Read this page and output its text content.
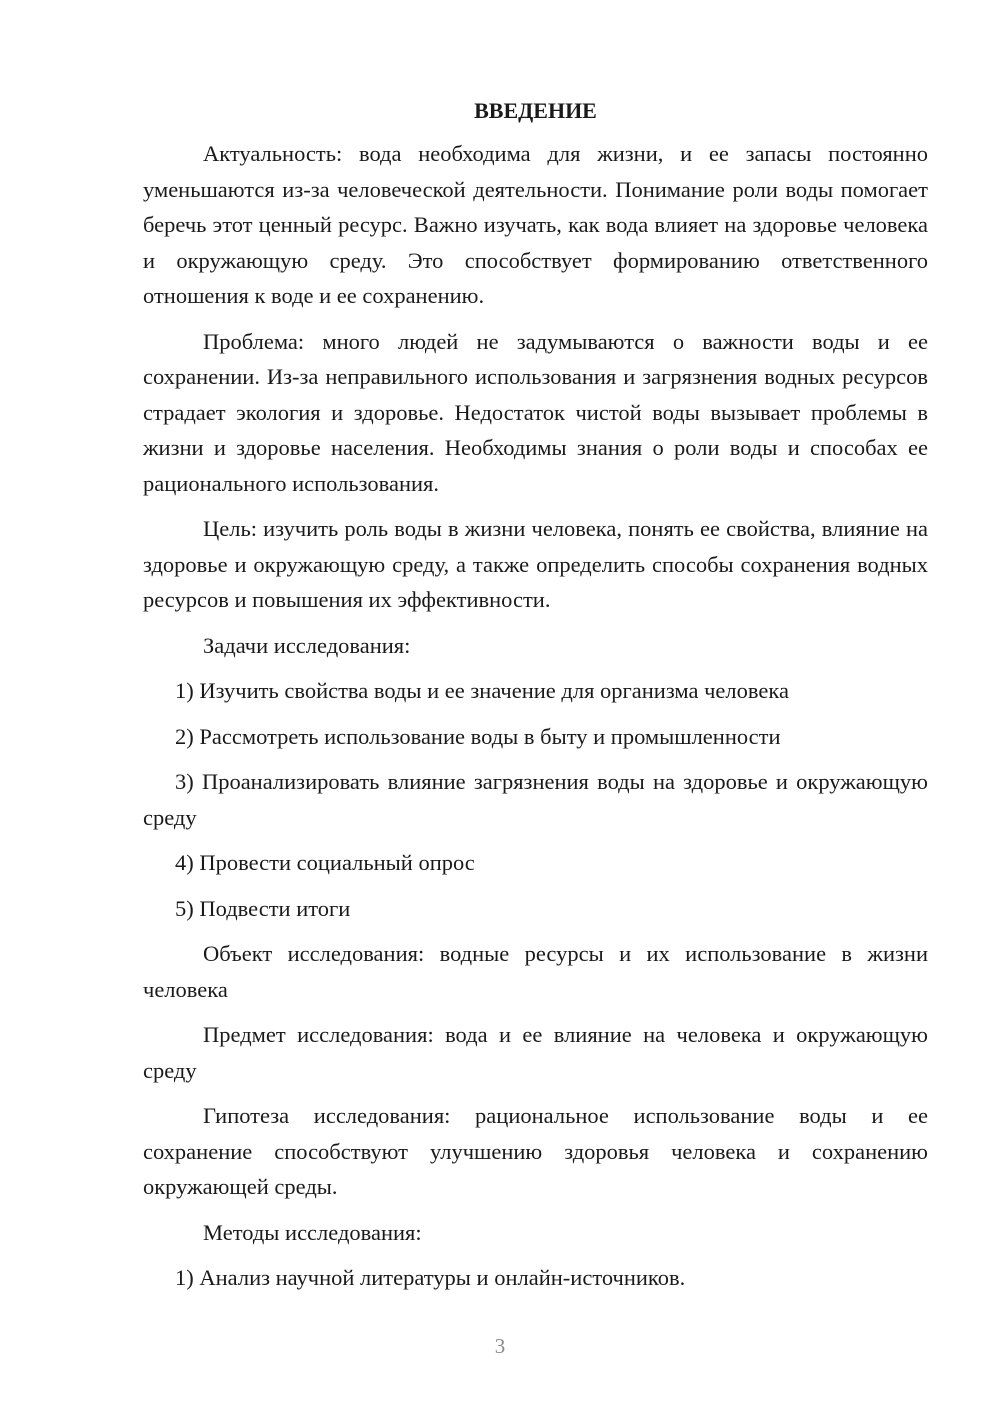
ВВЕДЕНИЕ

Актуальность: вода необходима для жизни, и ее запасы постоянно уменьшаются из-за человеческой деятельности. Понимание роли воды помогает беречь этот ценный ресурс. Важно изучать, как вода влияет на здоровье человека и окружающую среду. Это способствует формированию ответственного отношения к воде и ее сохранению.

Проблема: много людей не задумываются о важности воды и ее сохранении. Из-за неправильного использования и загрязнения водных ресурсов страдает экология и здоровье. Недостаток чистой воды вызывает проблемы в жизни и здоровье населения. Необходимы знания о роли воды и способах ее рационального использования.

Цель: изучить роль воды в жизни человека, понять ее свойства, влияние на здоровье и окружающую среду, а также определить способы сохранения водных ресурсов и повышения их эффективности.

Задачи исследования:

1) Изучить свойства воды и ее значение для организма человека

2) Рассмотреть использование воды в быту и промышленности

3) Проанализировать влияние загрязнения воды на здоровье и окружающую среду

4) Провести социальный опрос

5) Подвести итоги

Объект исследования: водные ресурсы и их использование в жизни человека

Предмет исследования: вода и ее влияние на человека и окружающую среду

Гипотеза исследования: рациональное использование воды и ее сохранение способствуют улучшению здоровья человека и сохранению окружающей среды.

Методы исследования:

1) Анализ научной литературы и онлайн-источников.

3
